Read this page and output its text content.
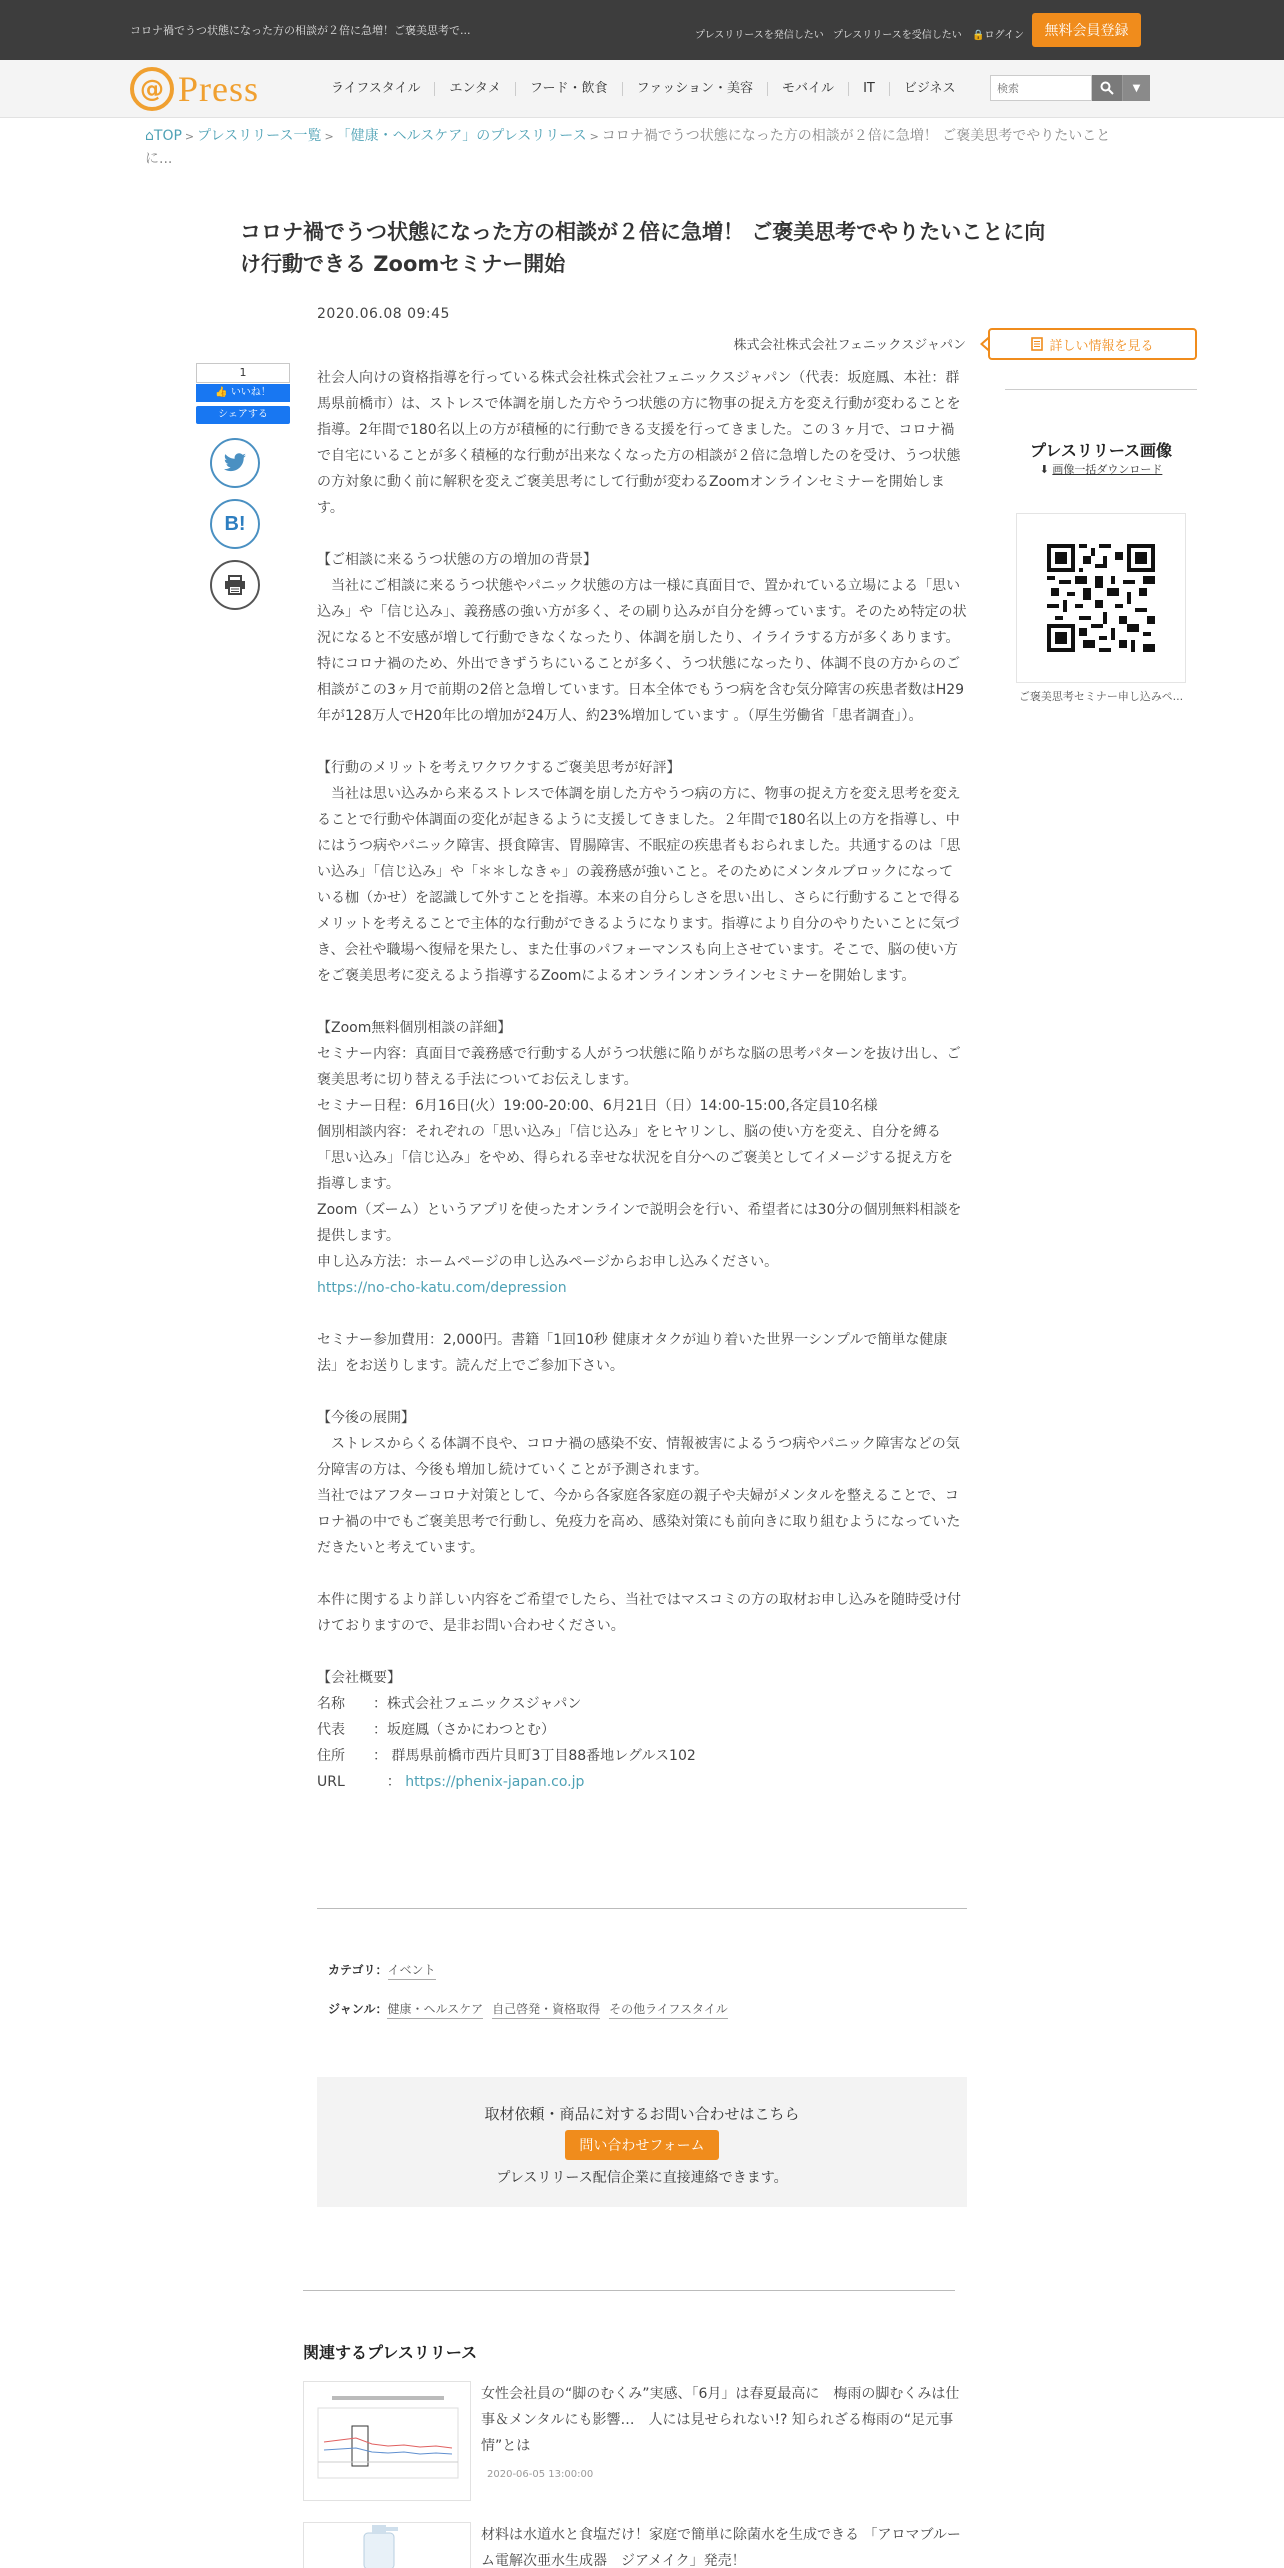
コロナ禍でうつ状態になった方の相談が２倍に急増！ご褒美思考で...	プレスリリースを発信したい プレスリリースを受信したい 🔒ログイン	無料会員登録
@ Press	ライフスタイル	エンタメ	フード・飲食	ファッション・美容	モバイル	IT	ビジネス
検索	▼
⌂TOP > プレスリリース一覧 > 「健康・ヘルスケア」のプレスリリース > コロナ禍でうつ状態になった方の相談が２倍に急増！ ご褒美思考でやりたいことに...
コロナ禍でうつ状態になった方の相談が２倍に急増！ ご褒美思考でやりたいことに向け行動できる Zoomセミナー開始
2020.06.08 09:45
株式会社株式会社フェニックスジャパン
1
👍 いいね！
シェアする
B!

社会人向けの資格指導を行っている株式会社株式会社フェニックスジャパン（代表：坂庭鳳、本社：群馬県前橋市）は、ストレスで体調を崩した方やうつ状態の方に物事の捉え方を変え行動が変わることを指導。2年間で180名以上の方が積極的に行動できる支援を行ってきました。この３ヶ月で、コロナ禍で自宅にいることが多く積極的な行動が出来なくなった方の相談が２倍に急増したのを受け、うつ状態の方対象に動く前に解釈を変えご褒美思考にして行動が変わるZoomオンラインセミナーを開始します。

【ご相談に来るうつ状態の方の増加の背景】

当社にご相談に来るうつ状態やパニック状態の方は一様に真面目で、置かれている立場による「思い込み」や「信じ込み」、義務感の強い方が多く、その刷り込みが自分を縛っています。そのため特定の状況になると不安感が増して行動できなくなったり、体調を崩したり、イライラする方が多くあります。特にコロナ禍のため、外出できずうちにいることが多く、うつ状態になったり、体調不良の方からのご相談がこの3ヶ月で前期の2倍と急増しています。日本全体でもうつ病を含む気分障害の疾患者数はH29年が128万人でH20年比の増加が24万人、約23%増加しています 。（厚生労働省「患者調査」）。

【行動のメリットを考えワクワクするご褒美思考が好評】

当社は思い込みから来るストレスで体調を崩した方やうつ病の方に、物事の捉え方を変え思考を変えることで行動や体調面の変化が起きるように支援してきました。２年間で180名以上の方を指導し、中にはうつ病やパニック障害、摂食障害、胃腸障害、不眠症の疾患者もおられました。共通するのは「思い込み」「信じ込み」や「＊＊しなきゃ」の義務感が強いこと。そのためにメンタルブロックになっている枷（かせ）を認識して外すことを指導。本来の自分らしさを思い出し、さらに行動することで得るメリットを考えることで主体的な行動ができるようになります。指導により自分のやりたいことに気づき、会社や職場へ復帰を果たし、また仕事のパフォーマンスも向上させています。そこで、脳の使い方をご褒美思考に変えるよう指導するZoomによるオンラインオンラインセミナーを開始します。

【Zoom無料個別相談の詳細】

セミナー内容：真面目で義務感で行動する人がうつ状態に陥りがちな脳の思考パターンを抜け出し、ご褒美思考に切り替える手法についてお伝えします。

セミナー日程：6月16日(火）19:00-20:00、6月21日（日）14:00-15:00,各定員10名様

個別相談内容：それぞれの「思い込み」「信じ込み」をヒヤリンし、脳の使い方を変え、自分を縛る「思い込み」「信じ込み」をやめ、得られる幸せな状況を自分へのご褒美としてイメージする捉え方を指導します。

Zoom（ズーム）というアプリを使ったオンラインで説明会を行い、希望者には30分の個別無料相談を提供します。

申し込み方法：ホームページの申し込みページからお申し込みください。

https://no-cho-katu.com/depression

セミナー参加費用：2,000円。書籍「1回10秒 健康オタクが辿り着いた世界一シンプルで簡単な健康法」をお送りします。読んだ上でご参加下さい。

【今後の展開】

ストレスからくる体調不良や、コロナ禍の感染不安、情報被害によるうつ病やパニック障害などの気分障害の方は、今後も増加し続けていくことが予測されます。

当社ではアフターコロナ対策として、今から各家庭各家庭の親子や夫婦がメンタルを整えることで、コロナ禍の中でもご褒美思考で行動し、免疫力を高め、感染対策にも前向きに取り組むようになっていただきたいと考えています。

本件に関するより詳しい内容をご希望でしたら、当社ではマスコミの方の取材お申し込みを随時受け付けておりますので、是非お問い合わせください。

【会社概要】

名称　　：株式会社フェニックスジャパン

代表　　：坂庭鳳（さかにわつとむ）

住所　　： 群馬県前橋市西片貝町3丁目88番地レグルス102

URL　　　： https://phenix-japan.co.jp

詳しい情報を見る
プレスリリース画像
⬇ 画像一括ダウンロード
ご褒美思考セミナー申し込みペ...
カテゴリ：イベント
ジャンル：健康・ヘルスケア 自己啓発・資格取得 その他ライフスタイル
取材依頼・商品に対するお問い合わせはこちら
問い合わせフォーム
プレスリリース配信企業に直接連絡できます。
関連するプレスリリース
女性会社員の“脚のむくみ”実感、「6月」は春夏最高に　梅雨の脚むくみは仕事＆メンタルにも影響…　人には見せられない!? 知られざる梅雨の“足元事情”とは
2020-06-05 13:00:00
材料は水道水と食塩だけ！家庭で簡単に除菌水を生成できる 「アロマブルーム電解次亜水生成器　ジアメイク」発売！
